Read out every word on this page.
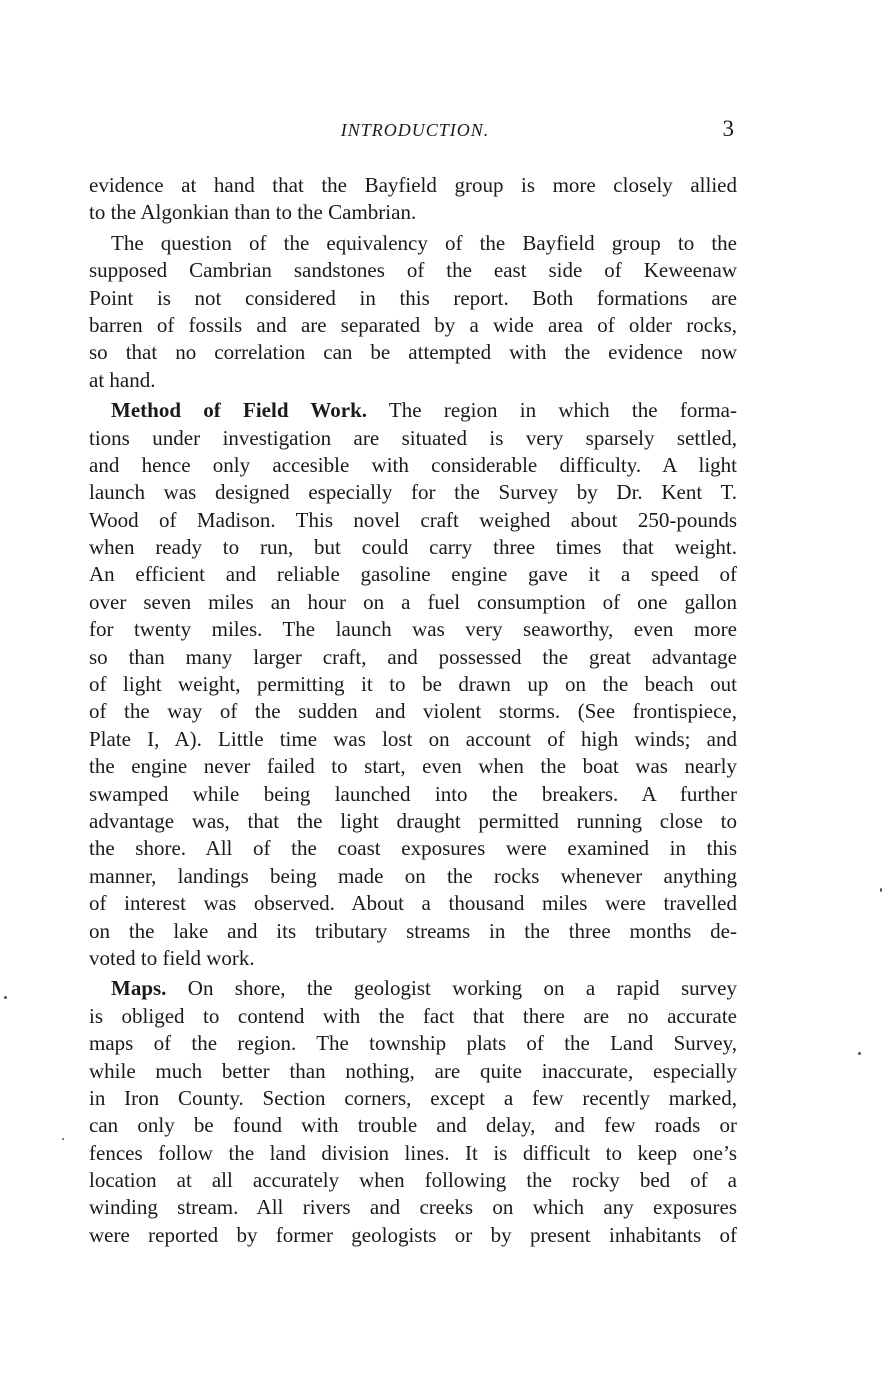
INTRODUCTION.	3
evidence at hand that the Bayfield group is more closely allied
to the Algonkian than to the Cambrian.
The question of the equivalency of the Bayfield group to the
supposed Cambrian sandstones of the east side of Keweenaw
Point is not considered in this report. Both formations are
barren of fossils and are separated by a wide area of older rocks,
so that no correlation can be attempted with the evidence now
at hand.
Method of Field Work. The region in which the forma-
tions under investigation are situated is very sparsely settled,
and hence only accesible with considerable difficulty. A light
launch was designed especially for the Survey by Dr. Kent T.
Wood of Madison. This novel craft weighed about 250-pounds
when ready to run, but could carry three times that weight.
An efficient and reliable gasoline engine gave it a speed of
over seven miles an hour on a fuel consumption of one gallon
for twenty miles. The launch was very seaworthy, even more
so than many larger craft, and possessed the great advantage
of light weight, permitting it to be drawn up on the beach out
of the way of the sudden and violent storms. (See frontispiece,
Plate I, A). Little time was lost on account of high winds; and
the engine never failed to start, even when the boat was nearly
swamped while being launched into the breakers. A further
advantage was, that the light draught permitted running close to
the shore. All of the coast exposures were examined in this
manner, landings being made on the rocks whenever anything
of interest was observed. About a thousand miles were travelled
on the lake and its tributary streams in the three months de-
voted to field work.
Maps. On shore, the geologist working on a rapid survey
is obliged to contend with the fact that there are no accurate
maps of the region. The township plats of the Land Survey,
while much better than nothing, are quite inaccurate, especially
in Iron County. Section corners, except a few recently marked,
can only be found with trouble and delay, and few roads or
fences follow the land division lines. It is difficult to keep one’s
location at all accurately when following the rocky bed of a
winding stream. All rivers and creeks on which any exposures
were reported by former geologists or by present inhabitants of
